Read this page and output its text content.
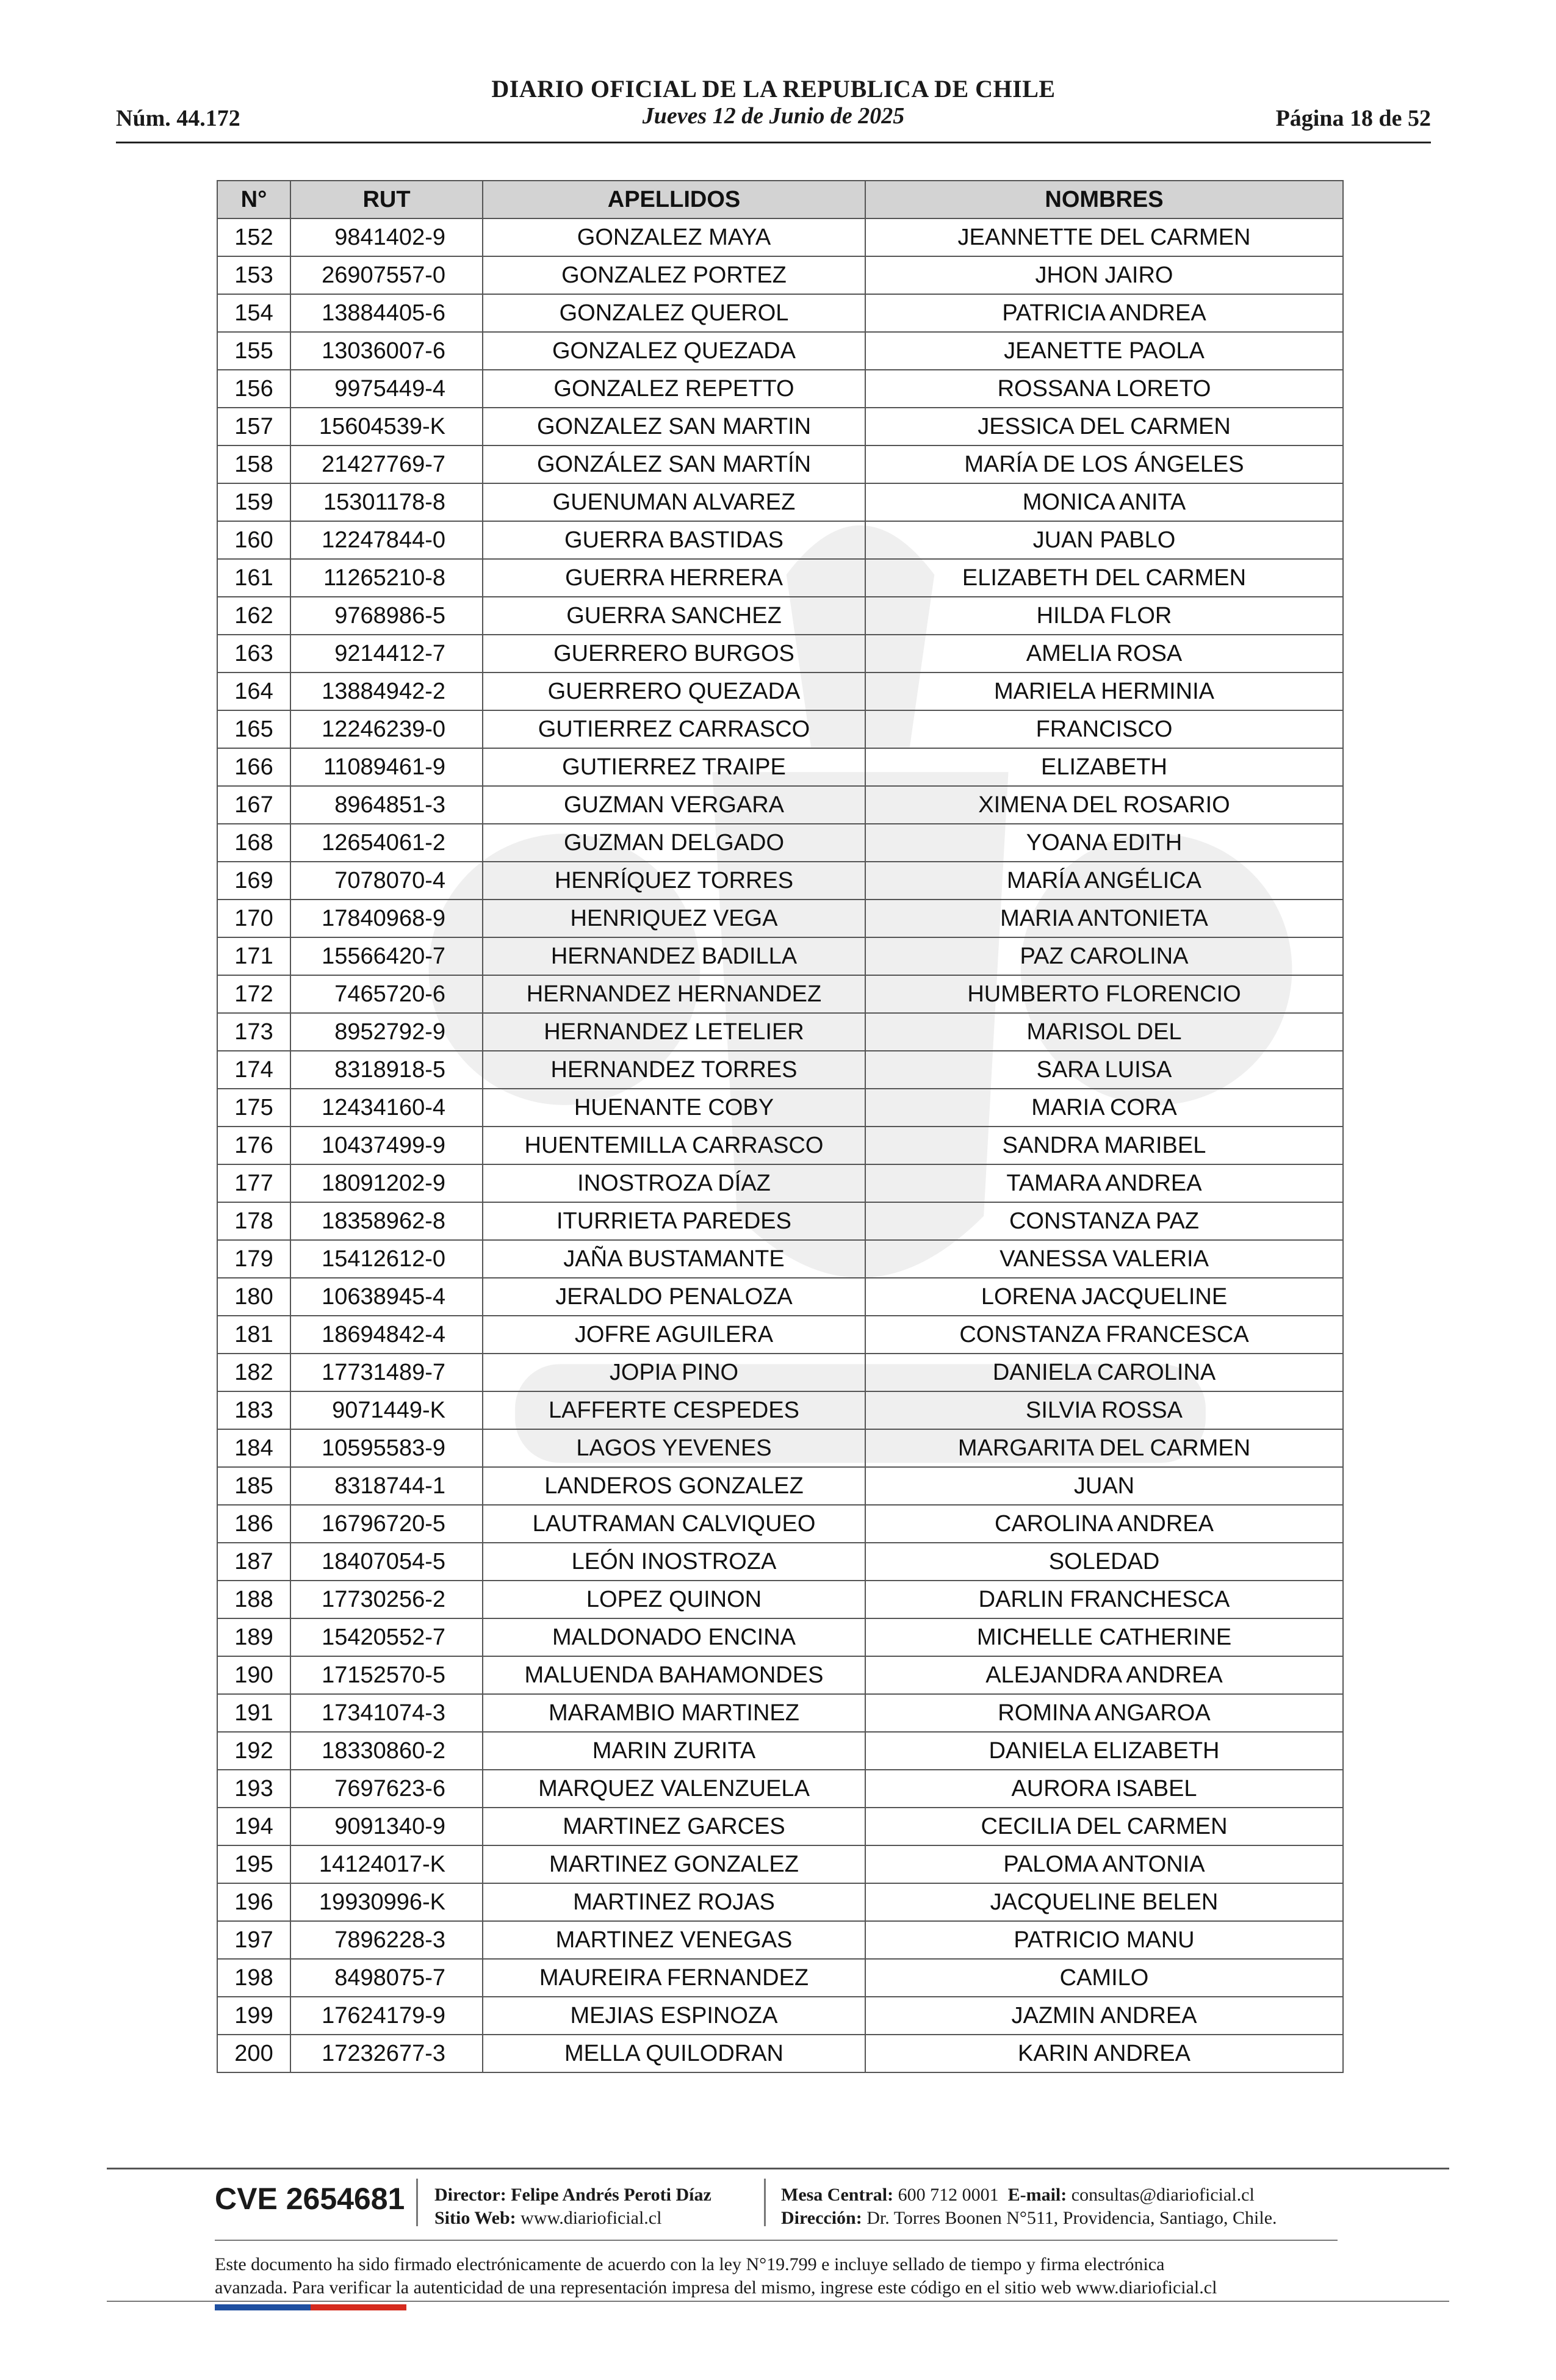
DIARIO OFICIAL DE LA REPUBLICA DE CHILE
Jueves 12 de Junio de 2025
Núm. 44.172	Página 18 de 52
N°	RUT	APELLIDOS	NOMBRES
152	9841402-9	GONZALEZ MAYA	JEANNETTE DEL CARMEN
153	26907557-0	GONZALEZ PORTEZ	JHON JAIRO
154	13884405-6	GONZALEZ QUEROL	PATRICIA ANDREA
155	13036007-6	GONZALEZ QUEZADA	JEANETTE PAOLA
156	9975449-4	GONZALEZ REPETTO	ROSSANA LORETO
157	15604539-K	GONZALEZ SAN MARTIN	JESSICA DEL CARMEN
158	21427769-7	GONZÁLEZ SAN MARTÍN	MARÍA DE LOS ÁNGELES
159	15301178-8	GUENUMAN ALVAREZ	MONICA ANITA
160	12247844-0	GUERRA BASTIDAS	JUAN PABLO
161	11265210-8	GUERRA HERRERA	ELIZABETH DEL CARMEN
162	9768986-5	GUERRA SANCHEZ	HILDA FLOR
163	9214412-7	GUERRERO BURGOS	AMELIA ROSA
164	13884942-2	GUERRERO QUEZADA	MARIELA HERMINIA
165	12246239-0	GUTIERREZ CARRASCO	FRANCISCO
166	11089461-9	GUTIERREZ TRAIPE	ELIZABETH
167	8964851-3	GUZMAN VERGARA	XIMENA DEL ROSARIO
168	12654061-2	GUZMAN DELGADO	YOANA EDITH
169	7078070-4	HENRÍQUEZ TORRES	MARÍA ANGÉLICA
170	17840968-9	HENRIQUEZ VEGA	MARIA ANTONIETA
171	15566420-7	HERNANDEZ BADILLA	PAZ CAROLINA
172	7465720-6	HERNANDEZ HERNANDEZ	HUMBERTO FLORENCIO
173	8952792-9	HERNANDEZ LETELIER	MARISOL DEL
174	8318918-5	HERNANDEZ TORRES	SARA LUISA
175	12434160-4	HUENANTE COBY	MARIA CORA
176	10437499-9	HUENTEMILLA CARRASCO	SANDRA MARIBEL
177	18091202-9	INOSTROZA DÍAZ	TAMARA ANDREA
178	18358962-8	ITURRIETA PAREDES	CONSTANZA PAZ
179	15412612-0	JAÑA BUSTAMANTE	VANESSA VALERIA
180	10638945-4	JERALDO PENALOZA	LORENA JACQUELINE
181	18694842-4	JOFRE AGUILERA	CONSTANZA FRANCESCA
182	17731489-7	JOPIA PINO	DANIELA CAROLINA
183	9071449-K	LAFFERTE CESPEDES	SILVIA ROSSA
184	10595583-9	LAGOS YEVENES	MARGARITA DEL CARMEN
185	8318744-1	LANDEROS GONZALEZ	JUAN
186	16796720-5	LAUTRAMAN CALVIQUEO	CAROLINA ANDREA
187	18407054-5	LEÓN INOSTROZA	SOLEDAD
188	17730256-2	LOPEZ QUINON	DARLIN FRANCHESCA
189	15420552-7	MALDONADO ENCINA	MICHELLE CATHERINE
190	17152570-5	MALUENDA BAHAMONDES	ALEJANDRA ANDREA
191	17341074-3	MARAMBIO MARTINEZ	ROMINA ANGAROA
192	18330860-2	MARIN ZURITA	DANIELA ELIZABETH
193	7697623-6	MARQUEZ VALENZUELA	AURORA ISABEL
194	9091340-9	MARTINEZ GARCES	CECILIA DEL CARMEN
195	14124017-K	MARTINEZ GONZALEZ	PALOMA ANTONIA
196	19930996-K	MARTINEZ ROJAS	JACQUELINE BELEN
197	7896228-3	MARTINEZ VENEGAS	PATRICIO MANU
198	8498075-7	MAUREIRA FERNANDEZ	CAMILO
199	17624179-9	MEJIAS ESPINOZA	JAZMIN ANDREA
200	17232677-3	MELLA QUILODRAN	KARIN ANDREA
CVE 2654681 Director: Felipe Andrés Peroti Díaz
Sitio Web: www.diarioficial.cl
Mesa Central: 600 712 0001 E-mail: consultas@diarioficial.cl
Dirección: Dr. Torres Boonen N°511, Providencia, Santiago, Chile.
Este documento ha sido firmado electrónicamente de acuerdo con la ley N°19.799 e incluye sellado de tiempo y firma electrónica
avanzada. Para verificar la autenticidad de una representación impresa del mismo, ingrese este código en el sitio web www.diarioficial.cl
